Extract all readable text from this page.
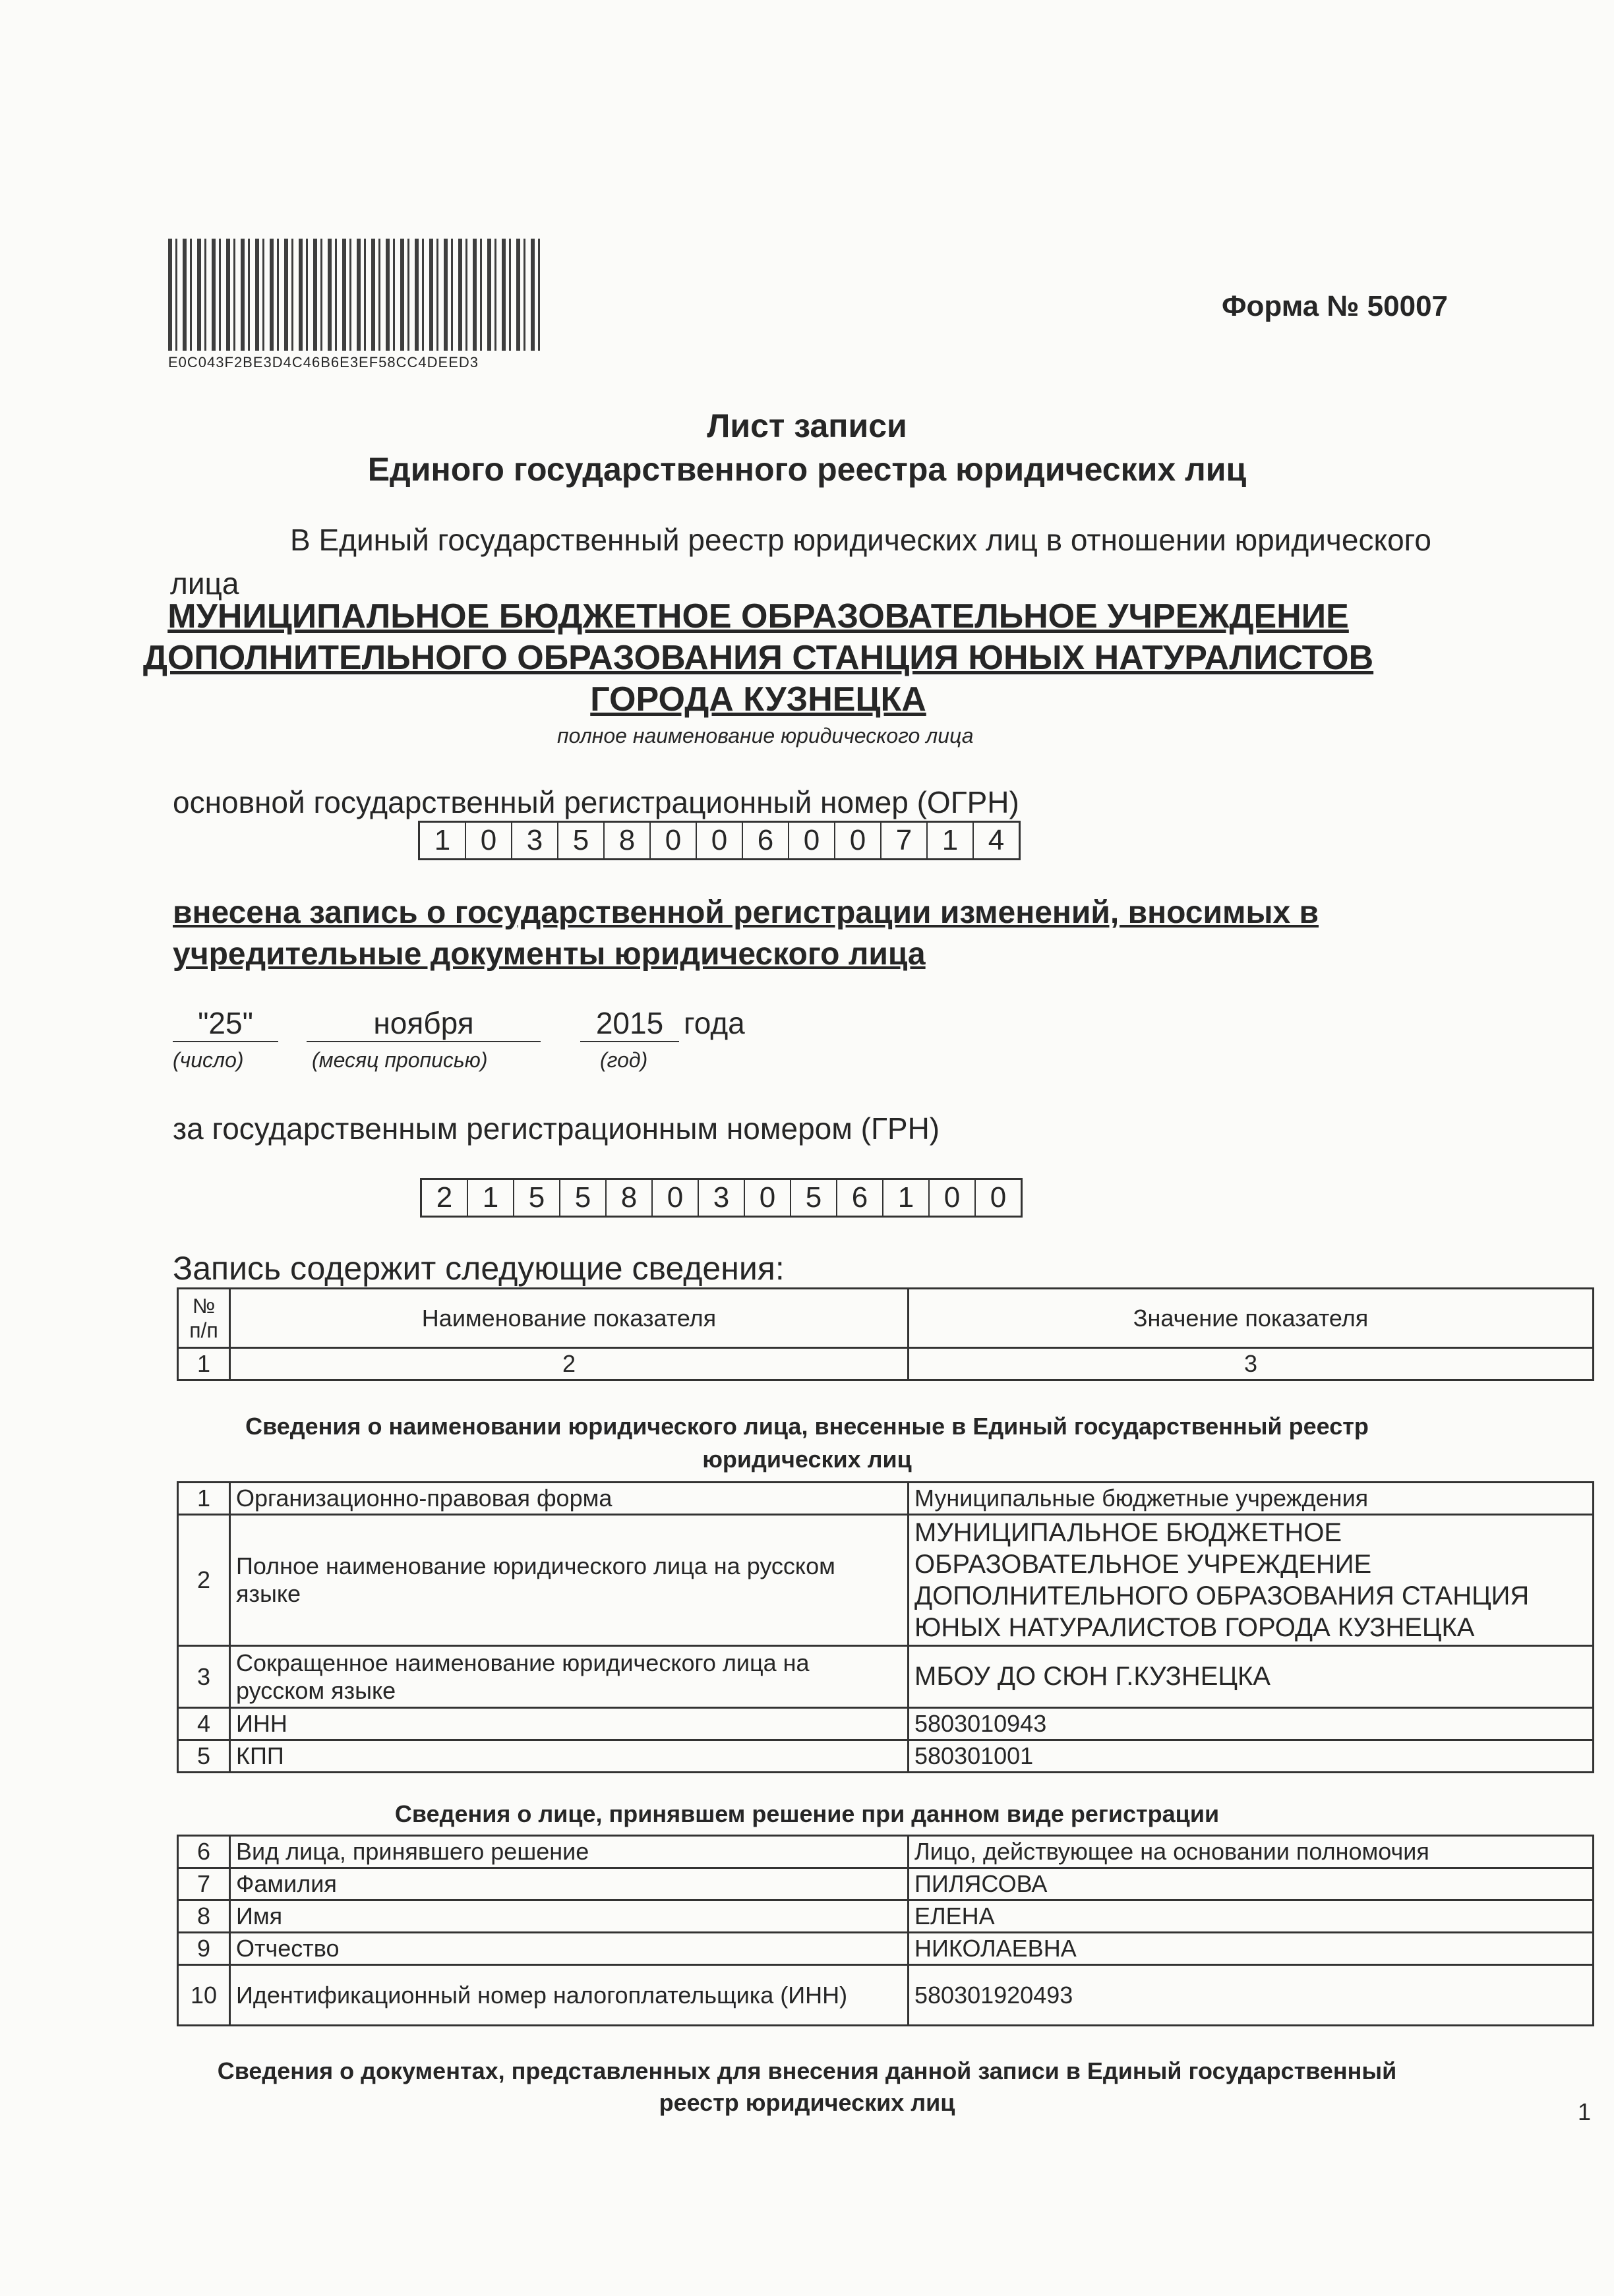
E0C043F2BE3D4C46B6E3EF58CC4DEED3
Форма № 50007
Лист записи
Единого государственного реестра юридических лиц
В Единый государственный реестр юридических лиц в отношении юридического
лица
МУНИЦИПАЛЬНОЕ БЮДЖЕТНОЕ ОБРАЗОВАТЕЛЬНОЕ УЧРЕЖДЕНИЕ
ДОПОЛНИТЕЛЬНОГО ОБРАЗОВАНИЯ СТАНЦИЯ ЮНЫХ НАТУРАЛИСТОВ
ГОРОДА КУЗНЕЦКА
полное наименование юридического лица
основной государственный регистрационный номер (ОГРН)
1	0	3	5	8	0	0	6	0	0	7	1	4
внесена запись о государственной регистрации изменений, вносимых в
учредительные документы юридического лица
"25"	ноября	2015 года
(число)	(месяц прописью)	(год)
за государственным регистрационным номером (ГРН)
2	1	5	5	8	0	3	0	5	6	1	0	0
Запись содержит следующие сведения:
№ п/п	Наименование показателя	Значение показателя
1	2	3
Сведения о наименовании юридического лица, внесенные в Единый государственный реестр
юридических лиц
1	Организационно-правовая форма	Муниципальные бюджетные учреждения
2	Полное наименование юридического лица на русском языке	МУНИЦИПАЛЬНОЕ БЮДЖЕТНОЕ ОБРАЗОВАТЕЛЬНОЕ УЧРЕЖДЕНИЕ ДОПОЛНИТЕЛЬНОГО ОБРАЗОВАНИЯ СТАНЦИЯ ЮНЫХ НАТУРАЛИСТОВ ГОРОДА КУЗНЕЦКА
3	Сокращенное наименование юридического лица на русском языке	МБОУ ДО СЮН Г.КУЗНЕЦКА
4	ИНН	5803010943
5	КПП	580301001
Сведения о лице, принявшем решение при данном виде регистрации
6	Вид лица, принявшего решение	Лицо, действующее на основании полномочия
7	Фамилия	ПИЛЯСОВА
8	Имя	ЕЛЕНА
9	Отчество	НИКОЛАЕВНА
10	Идентификационный номер налогоплательщика (ИНН)	580301920493
Сведения о документах, представленных для внесения данной записи в Единый государственный
реестр юридических лиц	1
